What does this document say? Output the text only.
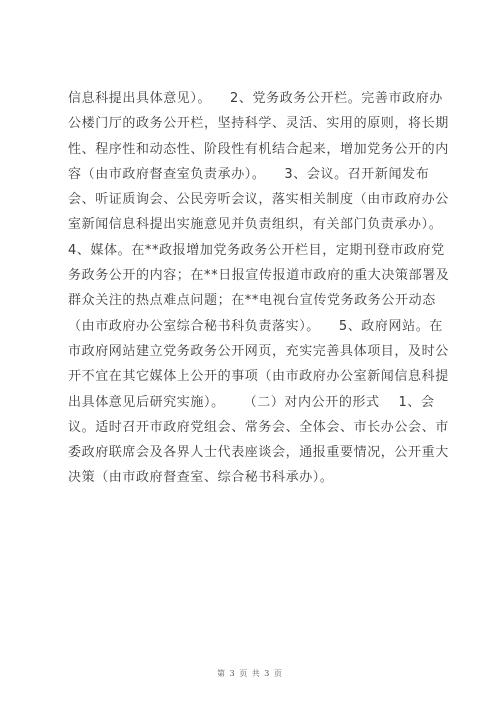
信息科提出具体意见）。    2、党务政务公开栏。完善市政府办
公楼门厅的政务公开栏，坚持科学、灵活、实用的原则，将长期
性、程序性和动态性、阶段性有机结合起来，增加党务公开的内
容（由市政府督查室负责承办）。    3、会议。召开新闻发布
会、听证质询会、公民旁听会议，落实相关制度（由市政府办公
室新闻信息科提出实施意见并负责组织，有关部门负责承办）。
4、媒体。在**政报增加党务政务公开栏目，定期刊登市政府党
务政务公开的内容；在**日报宣传报道市政府的重大决策部署及
群众关注的热点难点问题；在**电视台宣传党务政务公开动态
（由市政府办公室综合秘书科负责落实）。    5、政府网站。在
市政府网站建立党务政务公开网页，充实完善具体项目，及时公
开不宜在其它媒体上公开的事项（由市政府办公室新闻信息科提
出具体意见后研究实施）。    （二）对内公开的形式    1、会
议。适时召开市政府党组会、常务会、全体会、市长办公会、市
委政府联席会及各界人士代表座谈会，通报重要情况，公开重大
决策（由市政府督查室、综合秘书科承办）。
第 3 页 共 3 页
